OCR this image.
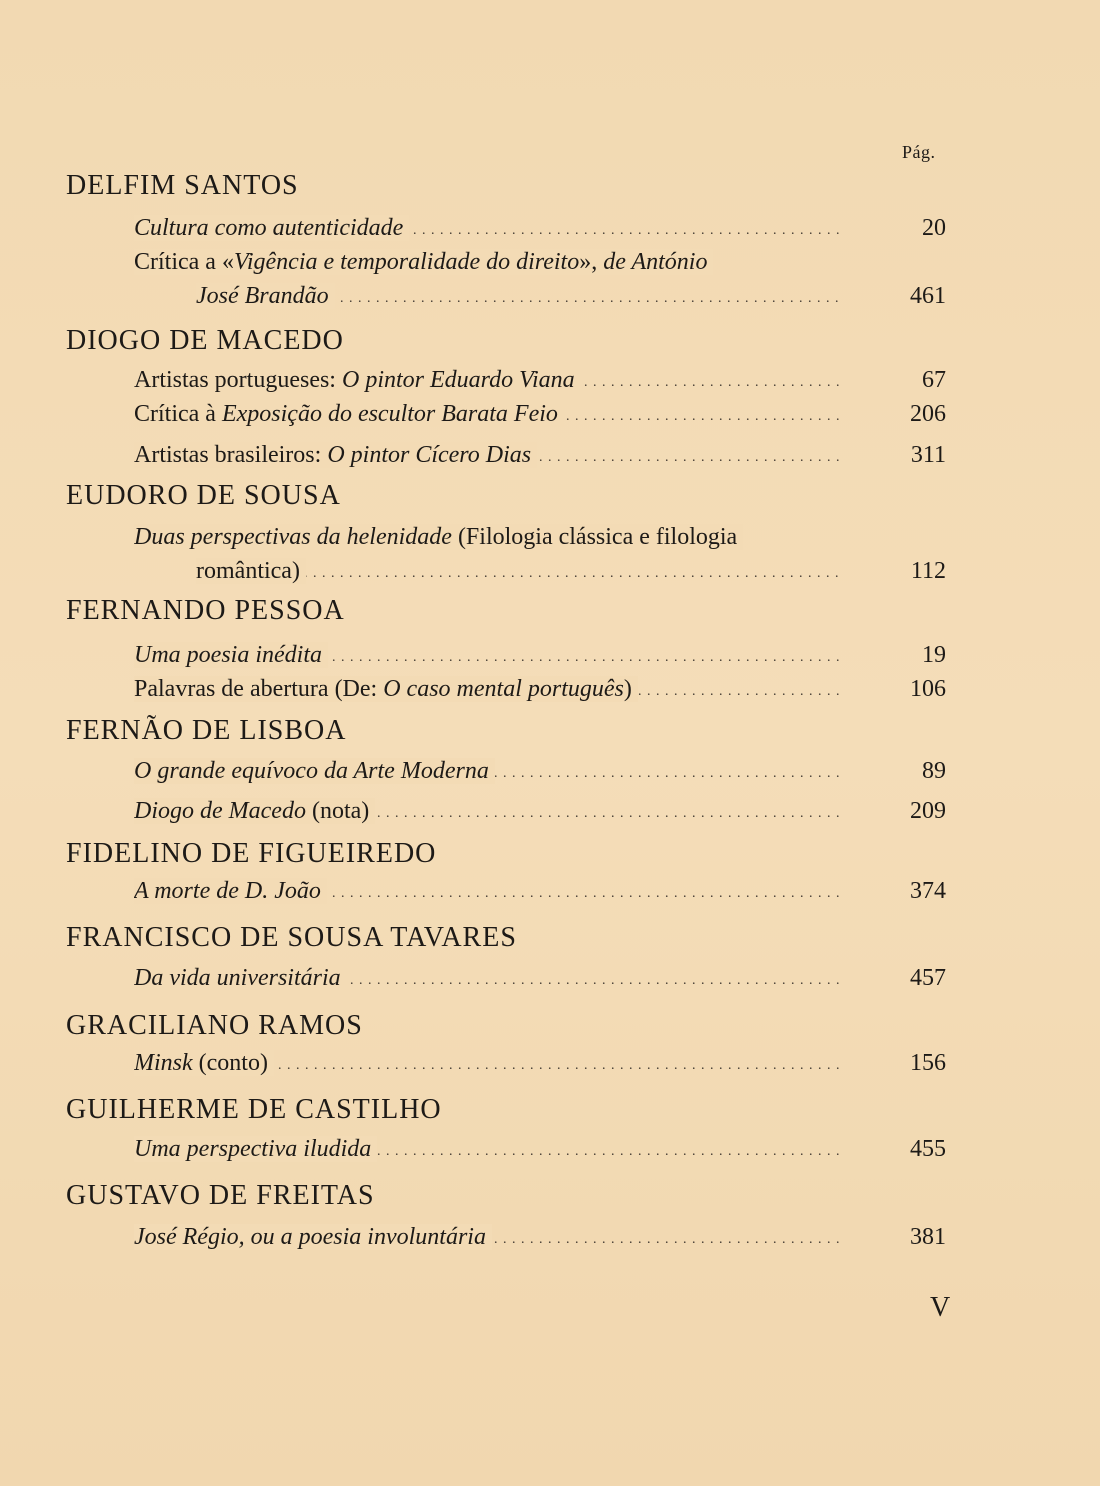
Pág.
DELFIM SANTOS
Cultura como autenticidade . . .	20
Crítica a «Vigência e temporalidade do direito», de António
José Brandão . . .	461
DIOGO DE MACEDO
Artistas portugueses: O pintor Eduardo Viana . . .	67
Crítica à Exposição do escultor Barata Feio . . .	206
Artistas brasileiros: O pintor Cícero Dias . . .	311
EUDORO DE SOUSA
Duas perspectivas da helenidade (Filologia clássica e filologia
romântica) . . .	112
FERNANDO PESSOA
Uma poesia inédita . . .	19
Palavras de abertura (De: O caso mental português) . . .	106
FERNÃO DE LISBOA
O grande equívoco da Arte Moderna . . .	89
Diogo de Macedo (nota) . . .	209
FIDELINO DE FIGUEIREDO
A morte de D. João . . .	374
FRANCISCO DE SOUSA TAVARES
Da vida universitária . . .	457
GRACILIANO RAMOS
Minsk (conto) . . .	156
GUILHERME DE CASTILHO
Uma perspectiva iludida . . .	455
GUSTAVO DE FREITAS
José Régio, ou a poesia involuntária . . .	381
V
